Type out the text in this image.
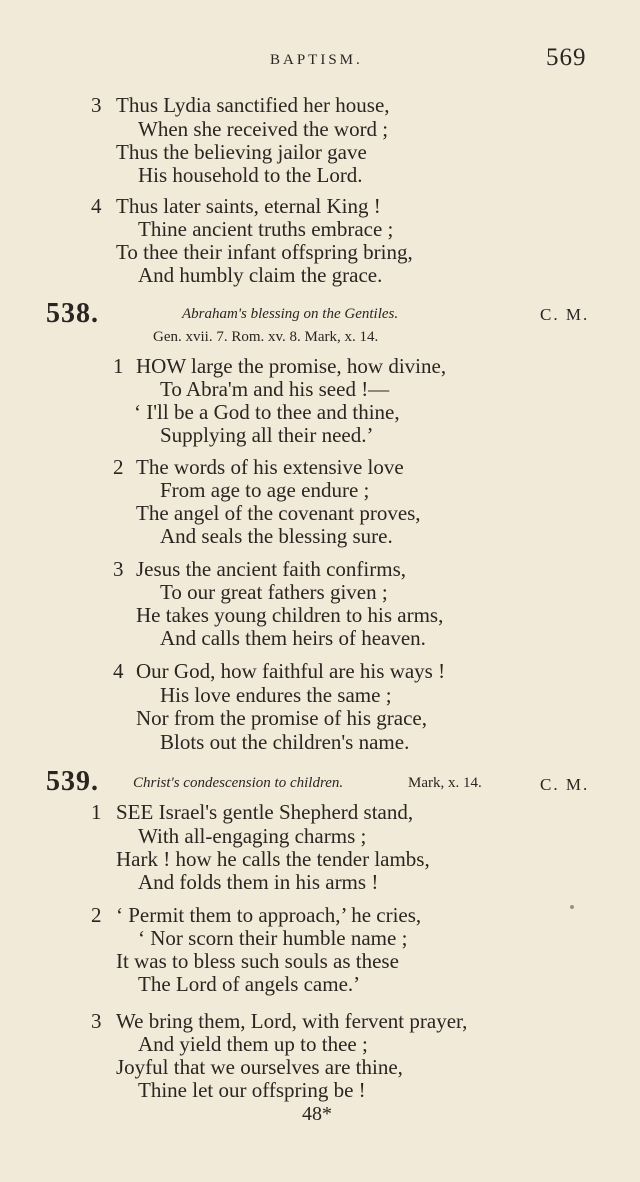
BAPTISM.	569
3 Thus Lydia sanctified her house,
When she received the word ;
Thus the believing jailor gave
His household to the Lord.
4 Thus later saints, eternal King !
Thine ancient truths embrace ;
To thee their infant offspring bring,
And humbly claim the grace.
538.	Abraham's blessing on the Gentiles.	C. M.
Gen. xvii. 7. Rom. xv. 8. Mark, x. 14.
1 HOW large the promise, how divine,
To Abra'm and his seed !—
‘ I'll be a God to thee and thine,
Supplying all their need.’
2 The words of his extensive love
From age to age endure ;
The angel of the covenant proves,
And seals the blessing sure.
3 Jesus the ancient faith confirms,
To our great fathers given ;
He takes young children to his arms,
And calls them heirs of heaven.
4 Our God, how faithful are his ways !
His love endures the same ;
Nor from the promise of his grace,
Blots out the children's name.
539. Christ's condescension to children.	Mark, x. 14.	C. M.
1 SEE Israel's gentle Shepherd stand,
With all-engaging charms ;
Hark ! how he calls the tender lambs,
And folds them in his arms !
2 ‘ Permit them to approach,’ he cries,
‘ Nor scorn their humble name ;
It was to bless such souls as these
The Lord of angels came.’
3 We bring them, Lord, with fervent prayer,
And yield them up to thee ;
Joyful that we ourselves are thine,
Thine let our offspring be !
48*
